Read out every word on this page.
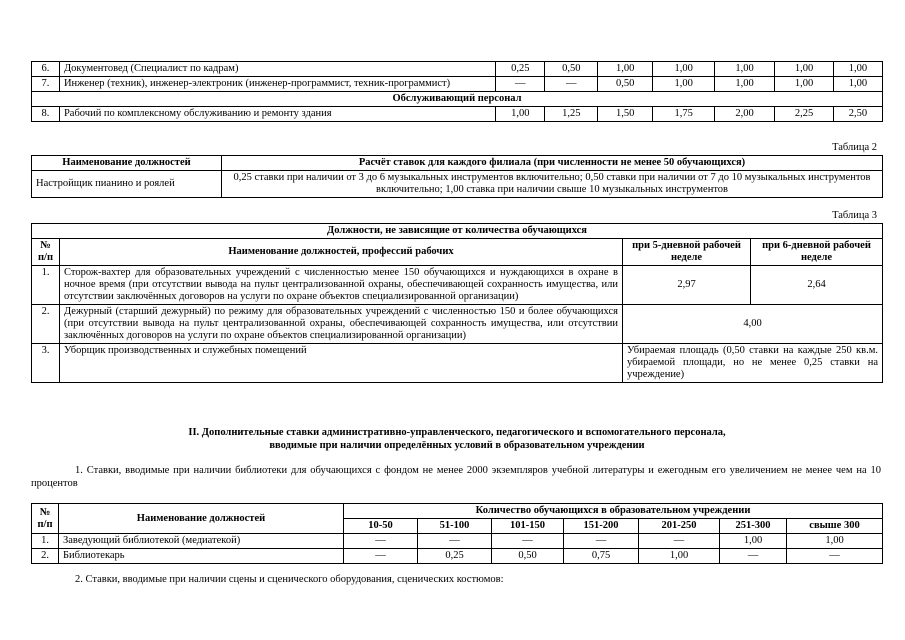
6.	Документовед (Специалист по кадрам)	0,25	0,50	1,00	1,00	1,00	1,00	1,00
7.	Инженер (техник), инженер-электроник (инженер-программист, техник-программист)	—	—	0,50	1,00	1,00	1,00	1,00
Обслуживающий персонал								
8.	Рабочий по комплексному обслуживанию и ремонту здания	1,00	1,25	1,50	1,75	2,00	2,25	2,50
Таблица 2
Наименование должностей	Расчёт ставок для каждого филиала (при численности не менее 50 обучающихся)
Настройщик пианино и роялей	0,25 ставки при наличии от 3 до 6 музыкальных инструментов включительно; 0,50 ставки при наличии от 7 до 10 музыкальных инструментов включительно; 1,00 ставка при наличии свыше 10 музыкальных инструментов
Таблица 3
Должности, не зависящие от количества обучающихся			
№ п/п	Наименование должностей, профессий рабочих	при 5-дневной рабочей неделе	при 6-дневной рабочей неделе
1.	Сторож-вахтер для образовательных учреждений с численностью менее 150 обучающихся и нуждающихся в охране в ночное время (при отсутствии вывода на пульт централизованной охраны, обеспечивающей сохранность имущества, или отсутствии заключённых договоров на услуги по охране объектов специализированной организации)	2,97	2,64
2.	Дежурный (старший дежурный) по режиму для образовательных учреждений с численностью 150 и более обучающихся (при отсутствии вывода на пульт централизованной охраны, обеспечивающей сохранность имущества, или отсутствии заключённых договоров на услуги по охране объектов специализированной организации)	4,00	
3.	Уборщик производственных и служебных помещений	Убираемая площадь (0,50 ставки на каждые 250 кв.м. убираемой площади, но не менее 0,25 ставки на учреждение)	
II. Дополнительные ставки административно-управленческого, педагогического и вспомогательного персонала,
вводимые при наличии определённых условий в образовательном учреждении
1. Ставки, вводимые при наличии библиотеки для обучающихся с фондом не менее 2000 экземпляров учебной литературы и ежегодным его увеличением не менее чем на 10 процентов
№ п/п	Наименование должностей	Количество обучающихся в образовательном учреждении						
		10-50	51-100	101-150	151-200	201-250	251-300	свыше 300
1.	Заведующий библиотекой (медиатекой)	—	—	—	—	—	1,00	1,00
2.	Библиотекарь	—	0,25	0,50	0,75	1,00	—	—
2. Ставки, вводимые при наличии сцены и сценического оборудования, сценических костюмов:
